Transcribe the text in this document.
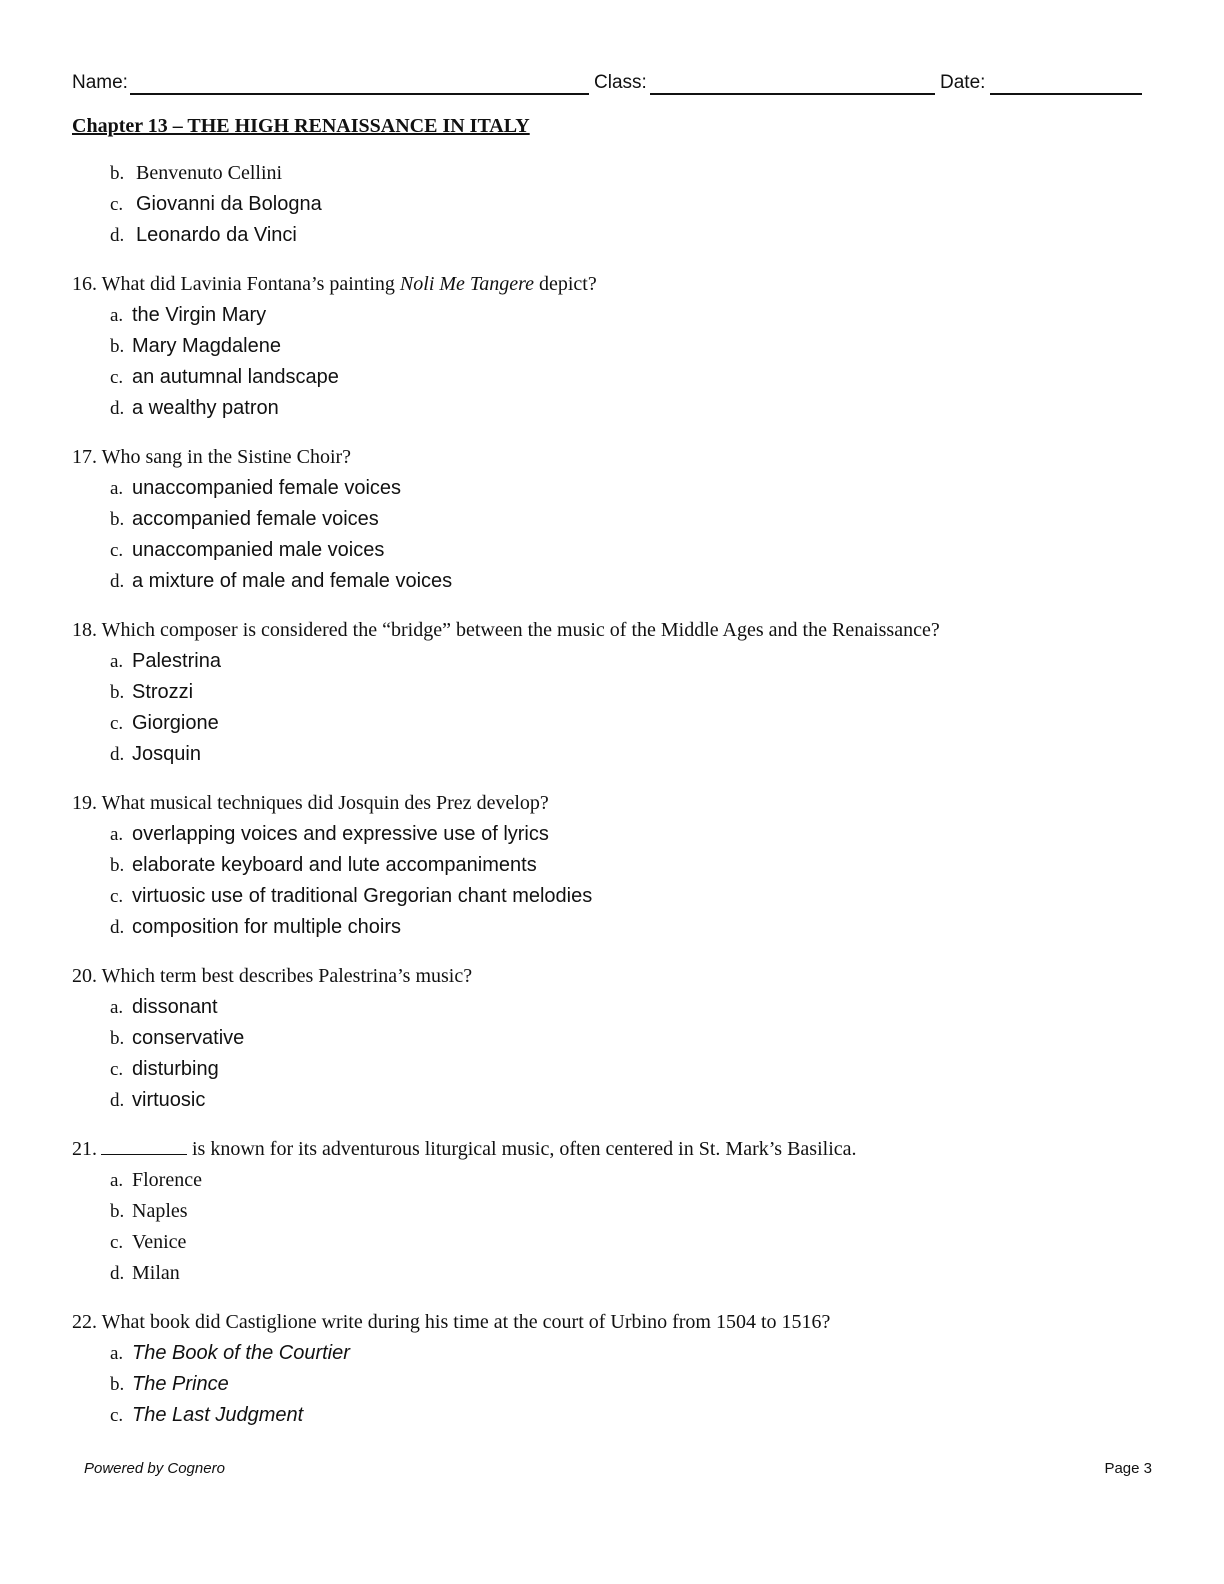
Name:	Class:	Date:
Chapter 13 – THE HIGH RENAISSANCE IN ITALY
b. Benvenuto Cellini
c. Giovanni da Bologna
d. Leonardo da Vinci
16. What did Lavinia Fontana’s painting Noli Me Tangere depict?
a. the Virgin Mary
b. Mary Magdalene
c. an autumnal landscape
d. a wealthy patron
17. Who sang in the Sistine Choir?
a. unaccompanied female voices
b. accompanied female voices
c. unaccompanied male voices
d. a mixture of male and female voices
18. Which composer is considered the “bridge” between the music of the Middle Ages and the Renaissance?
a. Palestrina
b. Strozzi
c. Giorgione
d. Josquin
19. What musical techniques did Josquin des Prez develop?
a. overlapping voices and expressive use of lyrics
b. elaborate keyboard and lute accompaniments
c. virtuosic use of traditional Gregorian chant melodies
d. composition for multiple choirs
20. Which term best describes Palestrina’s music?
a. dissonant
b. conservative
c. disturbing
d. virtuosic
21.	is known for its adventurous liturgical music, often centered in St. Mark’s Basilica.
a. Florence
b. Naples
c. Venice
d. Milan
22. What book did Castiglione write during his time at the court of Urbino from 1504 to 1516?
a. The Book of the Courtier
b. The Prince
c. The Last Judgment
Powered by Cognero	Page 3
